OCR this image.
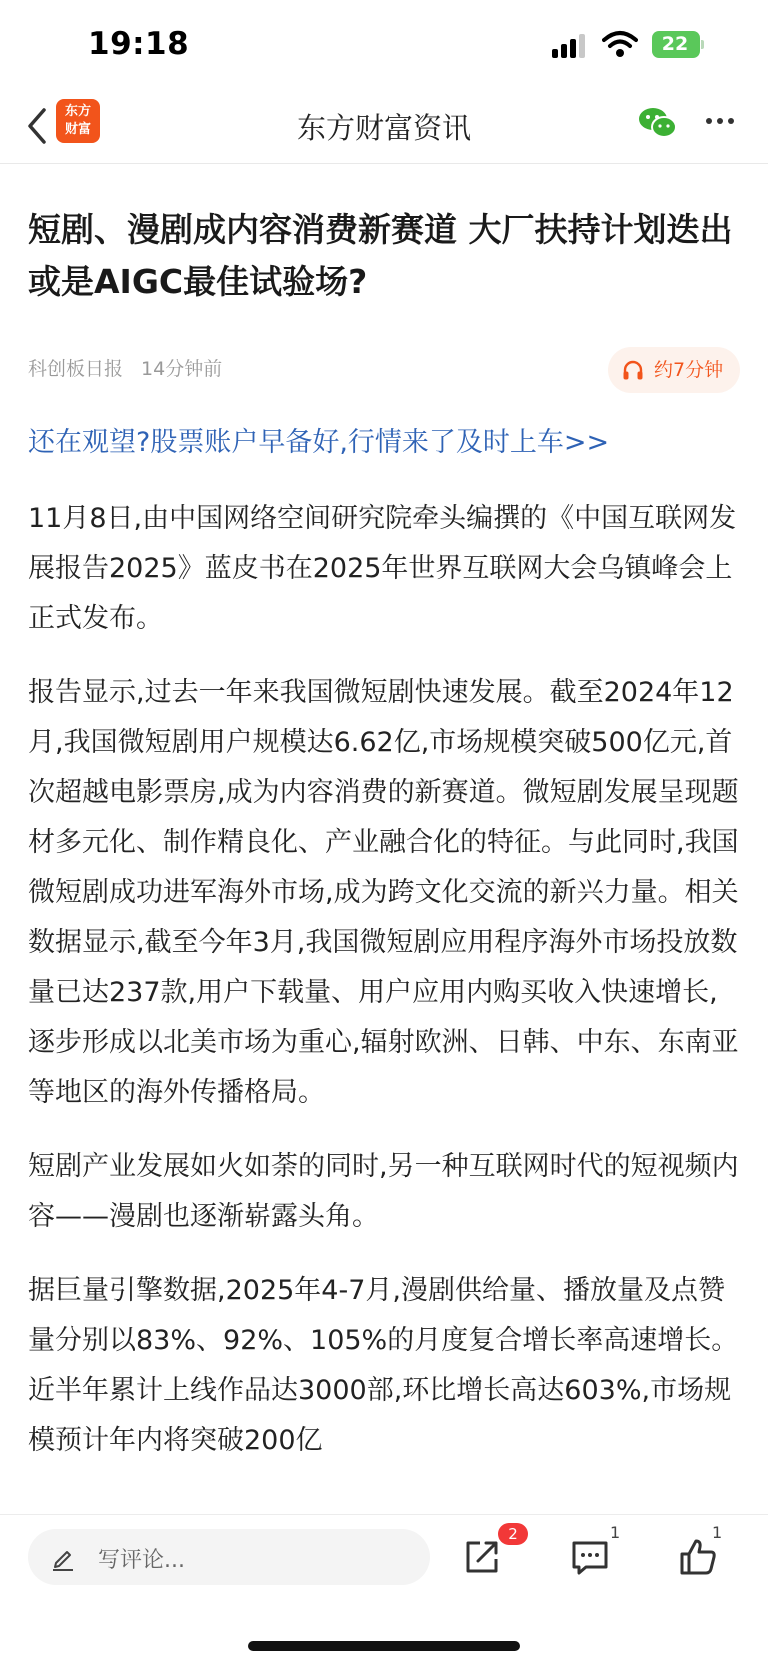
19:18	22
东方
财富	东方财富资讯
短剧、漫剧成内容消费新赛道 大厂扶持计划迭出 或是AIGC最佳试验场?
科创板日报 14分钟前	约7分钟
还在观望?股票账户早备好,行情来了及时上车>>

11月8日,由中国网络空间研究院牵头编撰的《中国互联网发展报告2025》蓝皮书在2025年世界互联网大会乌镇峰会上正式发布。

报告显示,过去一年来我国微短剧快速发展。截至2024年12月,我国微短剧用户规模达6.62亿,市场规模突破500亿元,首次超越电影票房,成为内容消费的新赛道。微短剧发展呈现题材多元化、制作精良化、产业融合化的特征。与此同时,我国微短剧成功进军海外市场,成为跨文化交流的新兴力量。相关数据显示,截至今年3月,我国微短剧应用程序海外市场投放数量已达237款,用户下载量、用户应用内购买收入快速增长,逐步形成以北美市场为重心,辐射欧洲、日韩、中东、东南亚等地区的海外传播格局。

短剧产业发展如火如荼的同时,另一种互联网时代的短视频内容——漫剧也逐渐崭露头角。

据巨量引擎数据,2025年4-7月,漫剧供给量、播放量及点赞量分别以83%、92%、105%的月度复合增长率高速增长。近半年累计上线作品达3000部,环比增长高达603%,市场规模预计年内将突破200亿

写评论...
2	1	1
